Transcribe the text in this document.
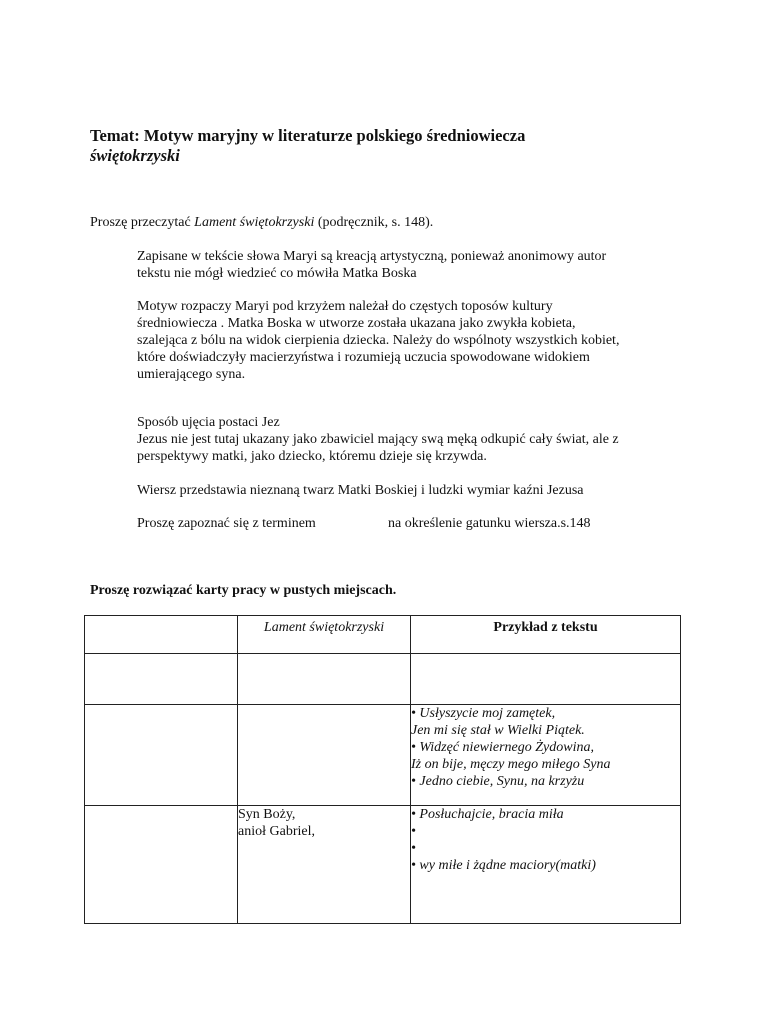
Temat: Motyw maryjny w literaturze polskiego średniowiecza
świętokrzyski
Proszę przeczytać Lament świętokrzyski (podręcznik, s. 148).
Zapisane w tekście słowa Maryi są kreacją artystyczną, ponieważ anonimowy autor
tekstu nie mógł wiedzieć co mówiła Matka Boska
Motyw rozpaczy Maryi pod krzyżem należał do częstych toposów kultury
średniowiecza . Matka Boska w utworze została ukazana jako zwykła kobieta,
szalejąca z bólu na widok cierpienia dziecka. Należy do wspólnoty wszystkich kobiet,
które doświadczyły macierzyństwa i rozumieją uczucia spowodowane widokiem
umierającego syna.
Sposób ujęcia postaci Jez
Jezus nie jest tutaj ukazany jako zbawiciel mający swą męką odkupić cały świat, ale z
perspektywy matki, jako dziecko, któremu dzieje się krzywda.
Wiersz przedstawia nieznaną twarz Matki Boskiej i ludzki wymiar kaźni Jezusa
Proszę zapoznać się z terminem	na określenie gatunku wiersza.s.148
Proszę rozwiązać karty pracy w pustych miejscach.
	Lament świętokrzyski	Przykład z tekstu

		• Usłyszycie moj zamętek,
Jen mi się stał w Wielki Piątek.
• Widzęć niewiernego Żydowina,
Iż on bije, męczy mego miłego Syna
• Jedno ciebie, Synu, na krzyżu

	Syn Boży,
anioł Gabriel,	• Posłuchajcie, bracia miła
•
•
• wy miłe i żądne maciory(matki)
